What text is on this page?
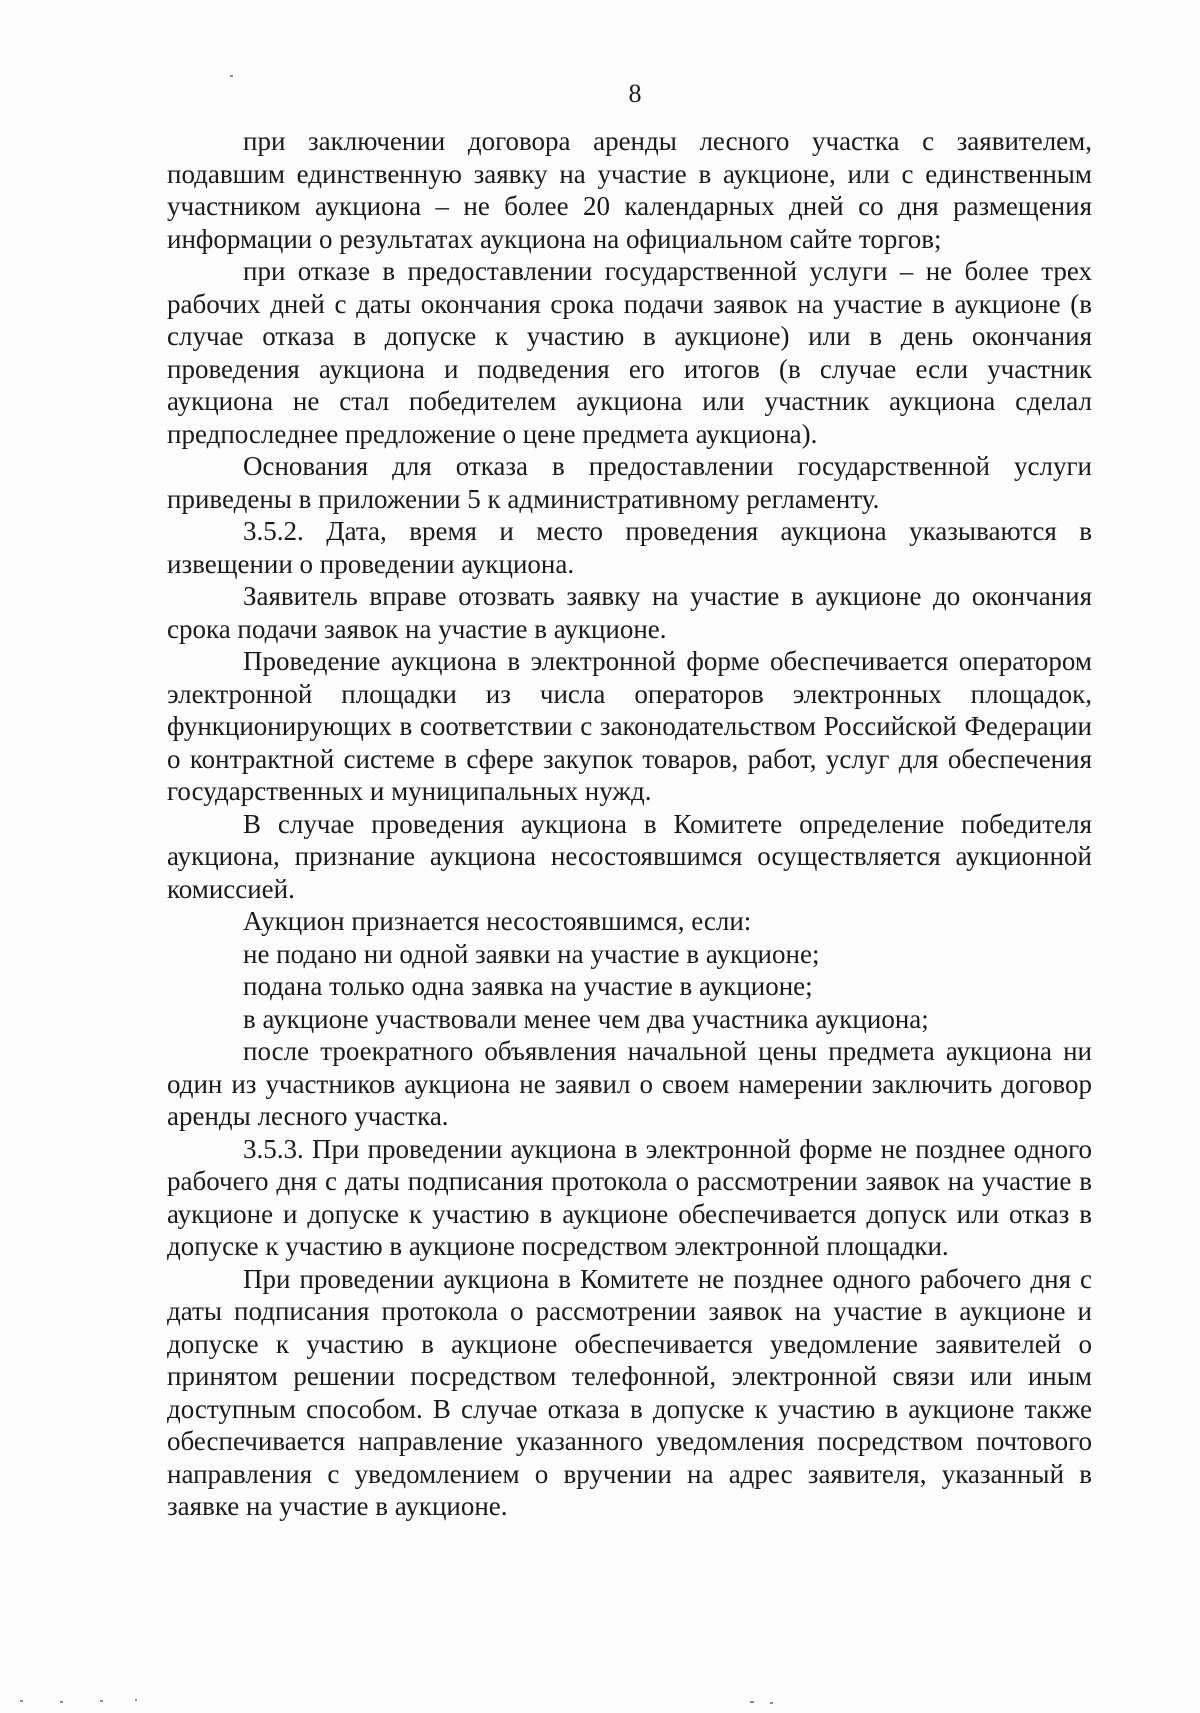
8

при заключении договора аренды лесного участка с заявителем, подавшим единственную заявку на участие в аукционе, или с единственным участником аукциона – не более 20 календарных дней со дня размещения информации о результатах аукциона на официальном сайте торгов;

при отказе в предоставлении государственной услуги – не более трех рабочих дней с даты окончания срока подачи заявок на участие в аукционе (в случае отказа в допуске к участию в аукционе) или в день окончания проведения аукциона и подведения его итогов (в случае если участник аукциона не стал победителем аукциона или участник аукциона сделал предпоследнее предложение о цене предмета аукциона).

Основания для отказа в предоставлении государственной услуги приведены в приложении 5 к административному регламенту.

3.5.2. Дата, время и место проведения аукциона указываются в извещении о проведении аукциона.

Заявитель вправе отозвать заявку на участие в аукционе до окончания срока подачи заявок на участие в аукционе.

Проведение аукциона в электронной форме обеспечивается оператором электронной площадки из числа операторов электронных площадок, функционирующих в соответствии с законодательством Российской Федерации о контрактной системе в сфере закупок товаров, работ, услуг для обеспечения государственных и муниципальных нужд.

В случае проведения аукциона в Комитете определение победителя аукциона, признание аукциона несостоявшимся осуществляется аукционной комиссией.

Аукцион признается несостоявшимся, если:

не подано ни одной заявки на участие в аукционе;

подана только одна заявка на участие в аукционе;

в аукционе участвовали менее чем два участника аукциона;

после троекратного объявления начальной цены предмета аукциона ни один из участников аукциона не заявил о своем намерении заключить договор аренды лесного участка.

3.5.3. При проведении аукциона в электронной форме не позднее одного рабочего дня с даты подписания протокола о рассмотрении заявок на участие в аукционе и допуске к участию в аукционе обеспечивается допуск или отказ в допуске к участию в аукционе посредством электронной площадки.

При проведении аукциона в Комитете не позднее одного рабочего дня с даты подписания протокола о рассмотрении заявок на участие в аукционе и допуске к участию в аукционе обеспечивается уведомление заявителей о принятом решении посредством телефонной, электронной связи или иным доступным способом. В случае отказа в допуске к участию в аукционе также обеспечивается направление указанного уведомления посредством почтового направления с уведомлением о вручении на адрес заявителя, указанный в заявке на участие в аукционе.
